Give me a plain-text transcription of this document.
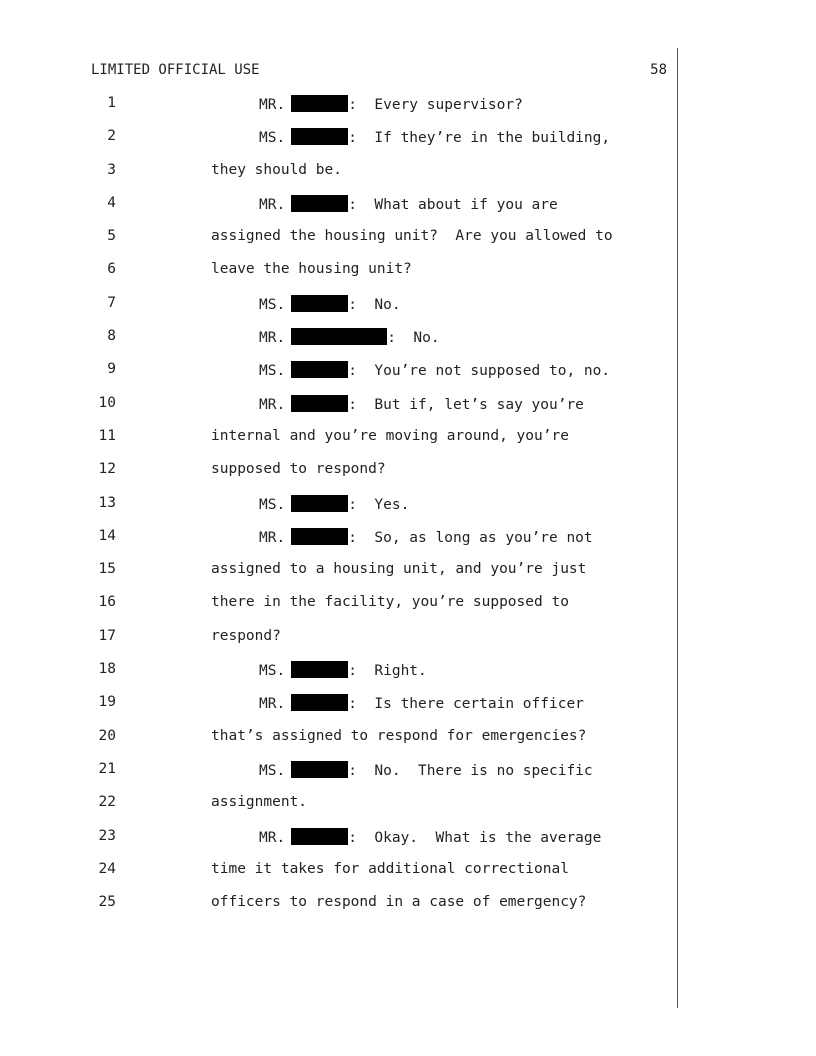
LIMITED OFFICIAL USE	58

1

	MR.	:  Every supervisor?

2

	MS.	:  If they’re in the building,

3

	they should be.

4

	MR.	:  What about if you are

5

	assigned the housing unit?  Are you allowed to

6

	leave the housing unit?

7

	MS.	:  No.

8

	MR.	:  No.

9

	MS.	:  You’re not supposed to, no.

10

	MR.	:  But if, let’s say you’re

11

	internal and you’re moving around, you’re

12

	supposed to respond?

13

	MS.	:  Yes.

14

	MR.	:  So, as long as you’re not

15

	assigned to a housing unit, and you’re just

16

	there in the facility, you’re supposed to

17

	respond?

18

	MS.	:  Right.

19

	MR.	:  Is there certain officer

20

	that’s assigned to respond for emergencies?

21

	MS.	:  No.  There is no specific

22

	assignment.

23

	MR.	:  Okay.  What is the average

24

	time it takes for additional correctional

25

	officers to respond in a case of emergency?
